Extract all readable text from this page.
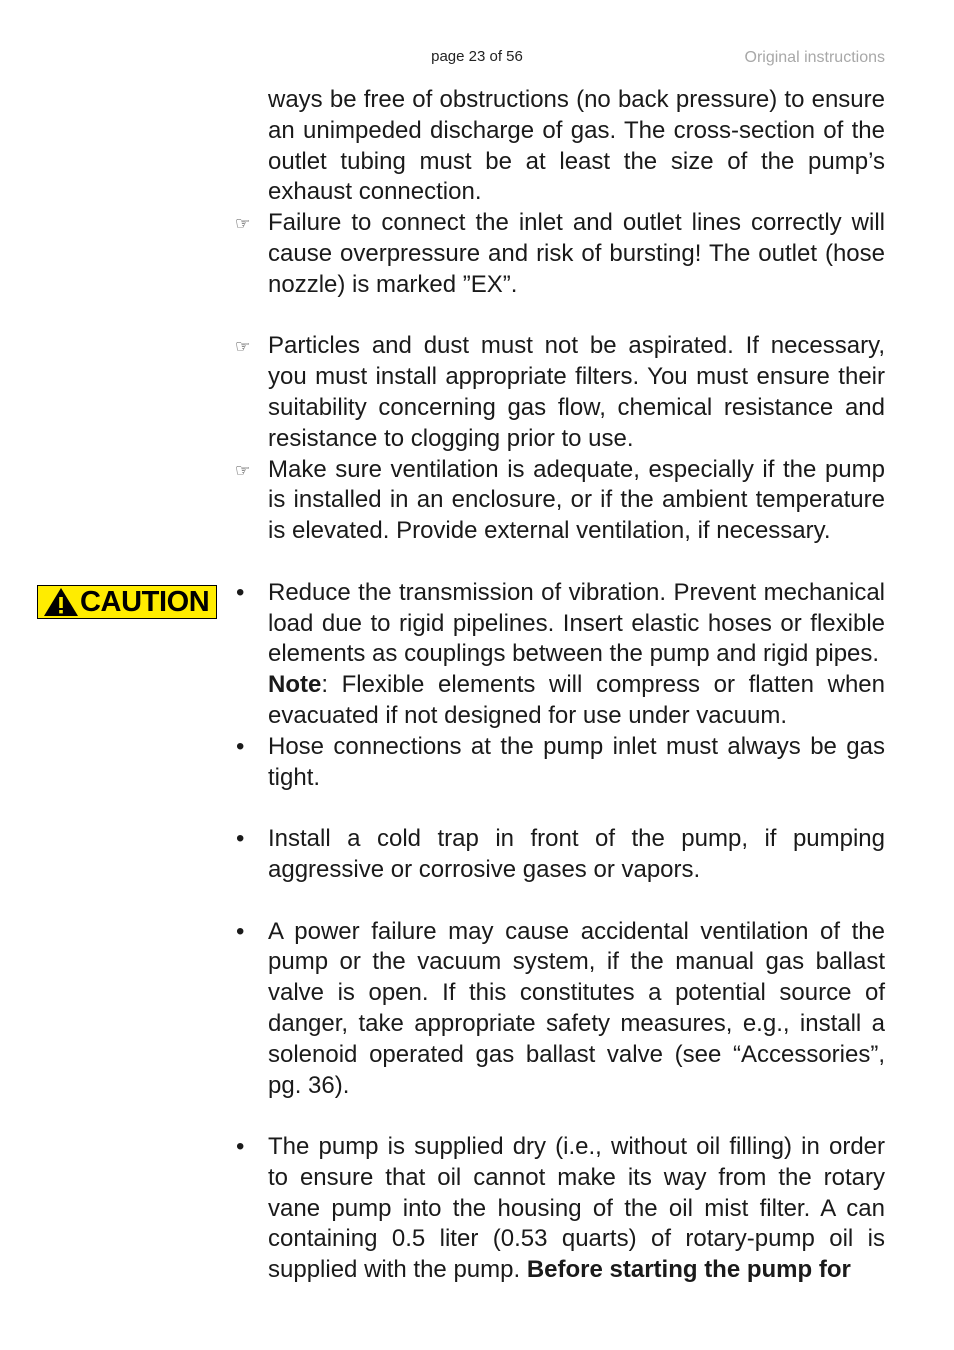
page 23 of 56	Original instructions
CAUTION

ways be free of obstructions (no back pressure) to ensure an unimpeded discharge of gas. The cross-section of the outlet tubing must be at least the size of the pump’s exhaust connection.

☞ Failure to connect the inlet and outlet lines correctly will cause overpressure and risk of bursting! The outlet (hose nozzle) is marked ”EX”.
☞ Particles and dust must not be aspirated. If necessary, you must install appropriate filters. You must ensure their suitability concerning gas flow, chemical resistance and resistance to clogging prior to use.
☞ Make sure ventilation is adequate, especially if the pump is installed in an enclosure, or if the ambient temperature is elevated. Provide external ventilation, if necessary.
• Reduce the transmission of vibration. Prevent mechanical load due to rigid pipelines. Insert elastic hoses or flexible elements as couplings between the pump and rigid pipes.

Note: Flexible elements will compress or flatten when evacuated if not designed for use under vacuum.

• Hose connections at the pump inlet must always be gas tight.
• Install a cold trap in front of the pump, if pumping aggressive or corrosive gases or vapors.
• A power failure may cause accidental ventilation of the pump or the vacuum system, if the manual gas ballast valve is open. If this constitutes a potential source of danger, take appropriate safety measures, e.g., install a solenoid operated gas ballast valve (see “Accessories”, pg. 36).
• The pump is supplied dry (i.e., without oil filling) in order to ensure that oil cannot make its way from the rotary vane pump into the housing of the oil mist filter. A can containing 0.5 liter (0.53 quarts) of rotary-pump oil is supplied with the pump. Before starting the pump for
